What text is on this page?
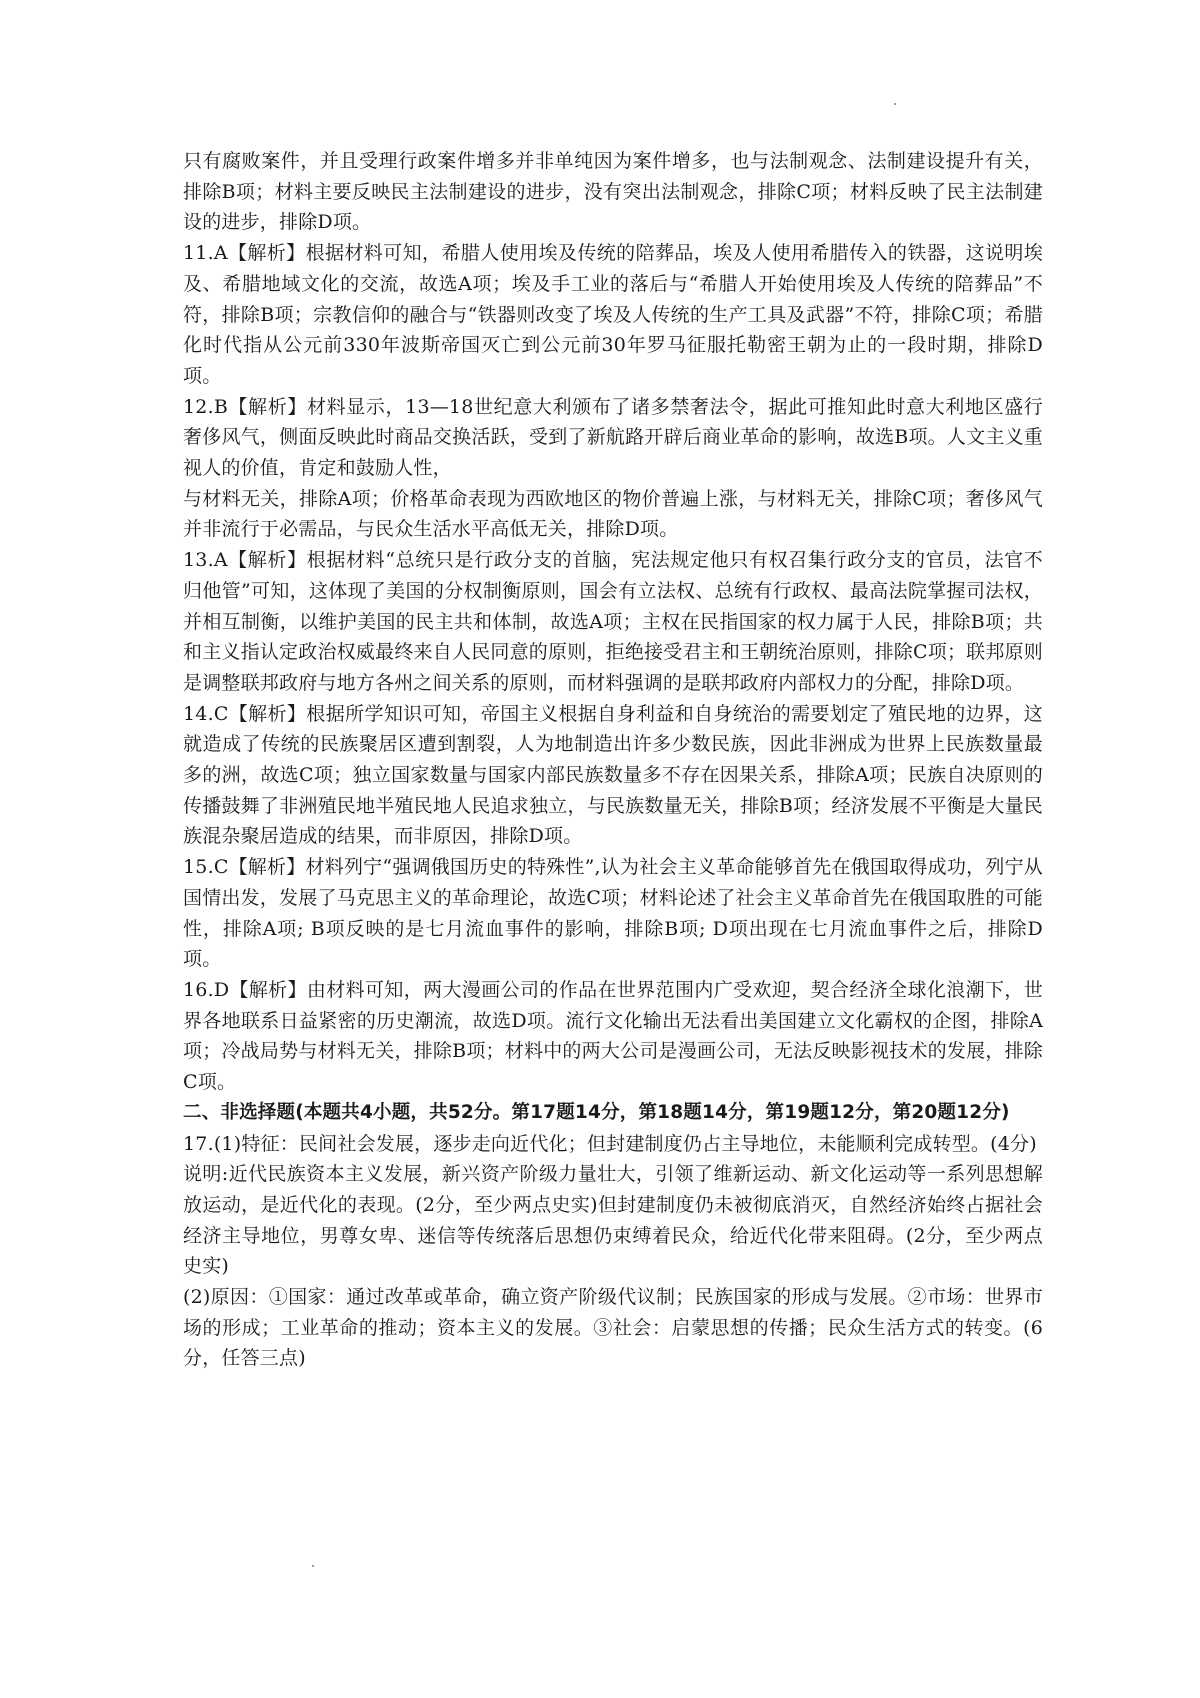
只有腐败案件，并且受理行政案件增多并非单纯因为案件增多，也与法制观念、法制建设提升有关，排除B项；材料主要反映民主法制建设的进步，没有突出法制观念，排除C项；材料反映了民主法制建设的进步，排除D项。

11.A【解析】根据材料可知，希腊人使用埃及传统的陪葬品，埃及人使用希腊传入的铁器，这说明埃及、希腊地域文化的交流，故选A项；埃及手工业的落后与“希腊人开始使用埃及人传统的陪葬品”不符，排除B项；宗教信仰的融合与“铁器则改变了埃及人传统的生产工具及武器”不符，排除C项；希腊化时代指从公元前330年波斯帝国灭亡到公元前30年罗马征服托勒密王朝为止的一段时期，排除D项。

12.B【解析】材料显示，13—18世纪意大利颁布了诸多禁奢法令，据此可推知此时意大利地区盛行奢侈风气，侧面反映此时商品交换活跃，受到了新航路开辟后商业革命的影响，故选B项。人文主义重视人的价值，肯定和鼓励人性，

与材料无关，排除A项；价格革命表现为西欧地区的物价普遍上涨，与材料无关，排除C项；奢侈风气并非流行于必需品，与民众生活水平高低无关，排除D项。

13.A【解析】根据材料“总统只是行政分支的首脑，宪法规定他只有权召集行政分支的官员，法官不归他管”可知，这体现了美国的分权制衡原则，国会有立法权、总统有行政权、最高法院掌握司法权，并相互制衡，以维护美国的民主共和体制，故选A项；主权在民指国家的权力属于人民，排除B项；共和主义指认定政治权威最终来自人民同意的原则，拒绝接受君主和王朝统治原则，排除C项；联邦原则是调整联邦政府与地方各州之间关系的原则，而材料强调的是联邦政府内部权力的分配，排除D项。

14.C【解析】根据所学知识可知，帝国主义根据自身利益和自身统治的需要划定了殖民地的边界，这就造成了传统的民族聚居区遭到割裂，人为地制造出许多少数民族，因此非洲成为世界上民族数量最多的洲，故选C项；独立国家数量与国家内部民族数量多不存在因果关系，排除A项；民族自决原则的传播鼓舞了非洲殖民地半殖民地人民追求独立，与民族数量无关，排除B项；经济发展不平衡是大量民族混杂聚居造成的结果，而非原因，排除D项。

15.C【解析】材料列宁“强调俄国历史的特殊性”,认为社会主义革命能够首先在俄国取得成功，列宁从国情出发，发展了马克思主义的革命理论，故选C项；材料论述了社会主义革命首先在俄国取胜的可能性，排除A项; B项反映的是七月流血事件的影响，排除B项; D项出现在七月流血事件之后，排除D项。

16.D【解析】由材料可知，两大漫画公司的作品在世界范围内广受欢迎，契合经济全球化浪潮下，世界各地联系日益紧密的历史潮流，故选D项。流行文化输出无法看出美国建立文化霸权的企图，排除A项；冷战局势与材料无关，排除B项；材料中的两大公司是漫画公司，无法反映影视技术的发展，排除C项。

二、非选择题(本题共4小题，共52分。第17题14分，第18题14分，第19题12分，第20题12分)

17.(1)特征：民间社会发展，逐步走向近代化；但封建制度仍占主导地位，未能顺利完成转型。(4分)

说明:近代民族资本主义发展，新兴资产阶级力量壮大，引领了维新运动、新文化运动等一系列思想解放运动，是近代化的表现。(2分，至少两点史实)但封建制度仍未被彻底消灭，自然经济始终占据社会经济主导地位，男尊女卑、迷信等传统落后思想仍束缚着民众，给近代化带来阻碍。(2分，至少两点史实)

(2)原因：①国家：通过改革或革命，确立资产阶级代议制；民族国家的形成与发展。②市场：世界市场的形成；工业革命的推动；资本主义的发展。③社会：启蒙思想的传播；民众生活方式的转变。(6分，任答三点)
